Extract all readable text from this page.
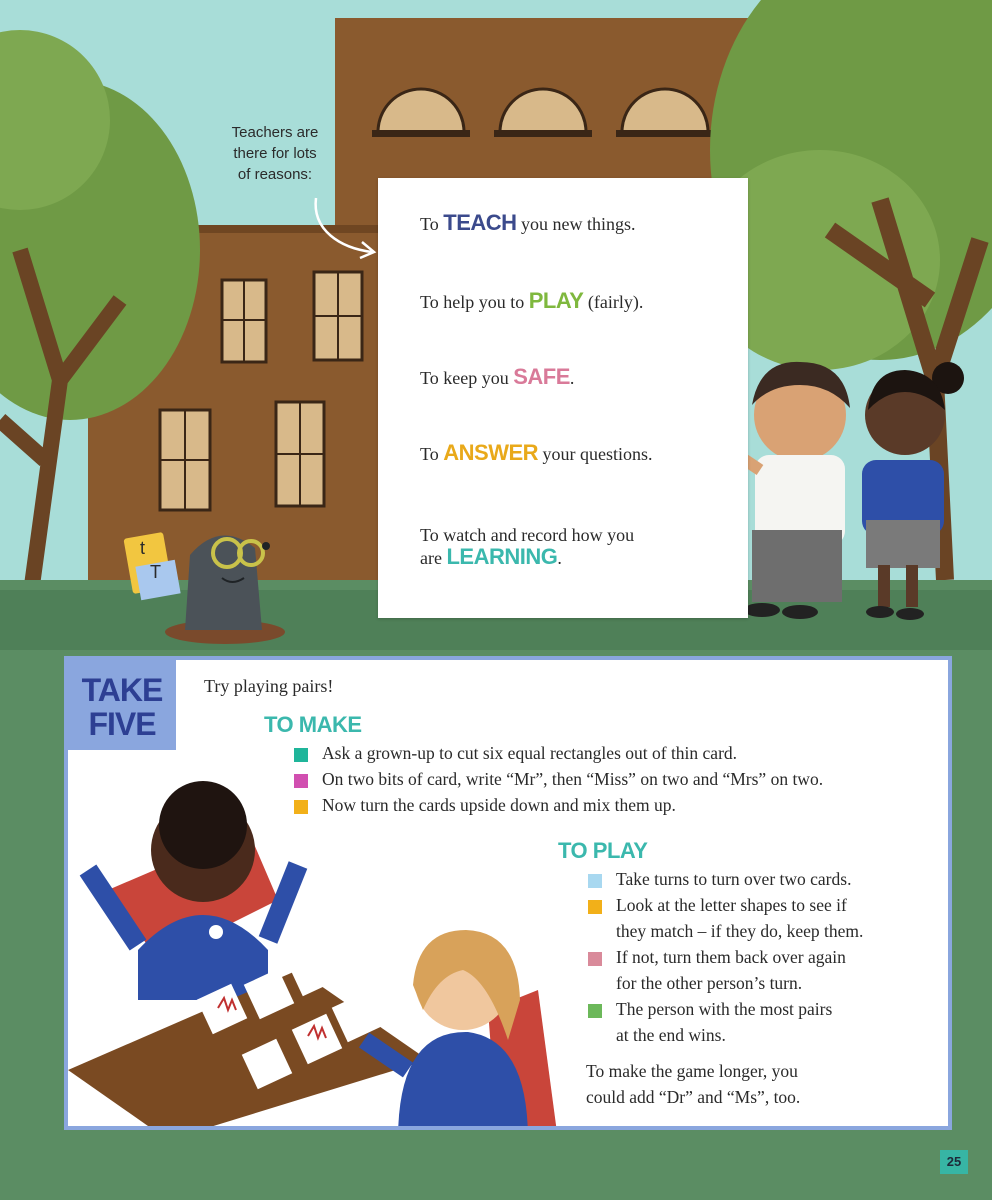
Teachers are
there for lots
of reasons:
To TEACH you new things.
To help you to PLAY (fairly).
To keep you SAFE.
To ANSWER your questions.
To watch and record how you
are LEARNING.
t
T
TAKE
FIVE
Try playing pairs!
TO MAKE
Ask a grown-up to cut six equal rectangles out of thin card.
On two bits of card, write “Mr”, then “Miss” on two and “Mrs” on two.
Now turn the cards upside down and mix them up.
TO PLAY
Take turns to turn over two cards.
Look at the letter shapes to see if
they match – if they do, keep them.
If not, turn them back over again
for the other person’s turn.
The person with the most pairs
at the end wins.
To make the game longer, you
could add “Dr” and “Ms”, too.
25
